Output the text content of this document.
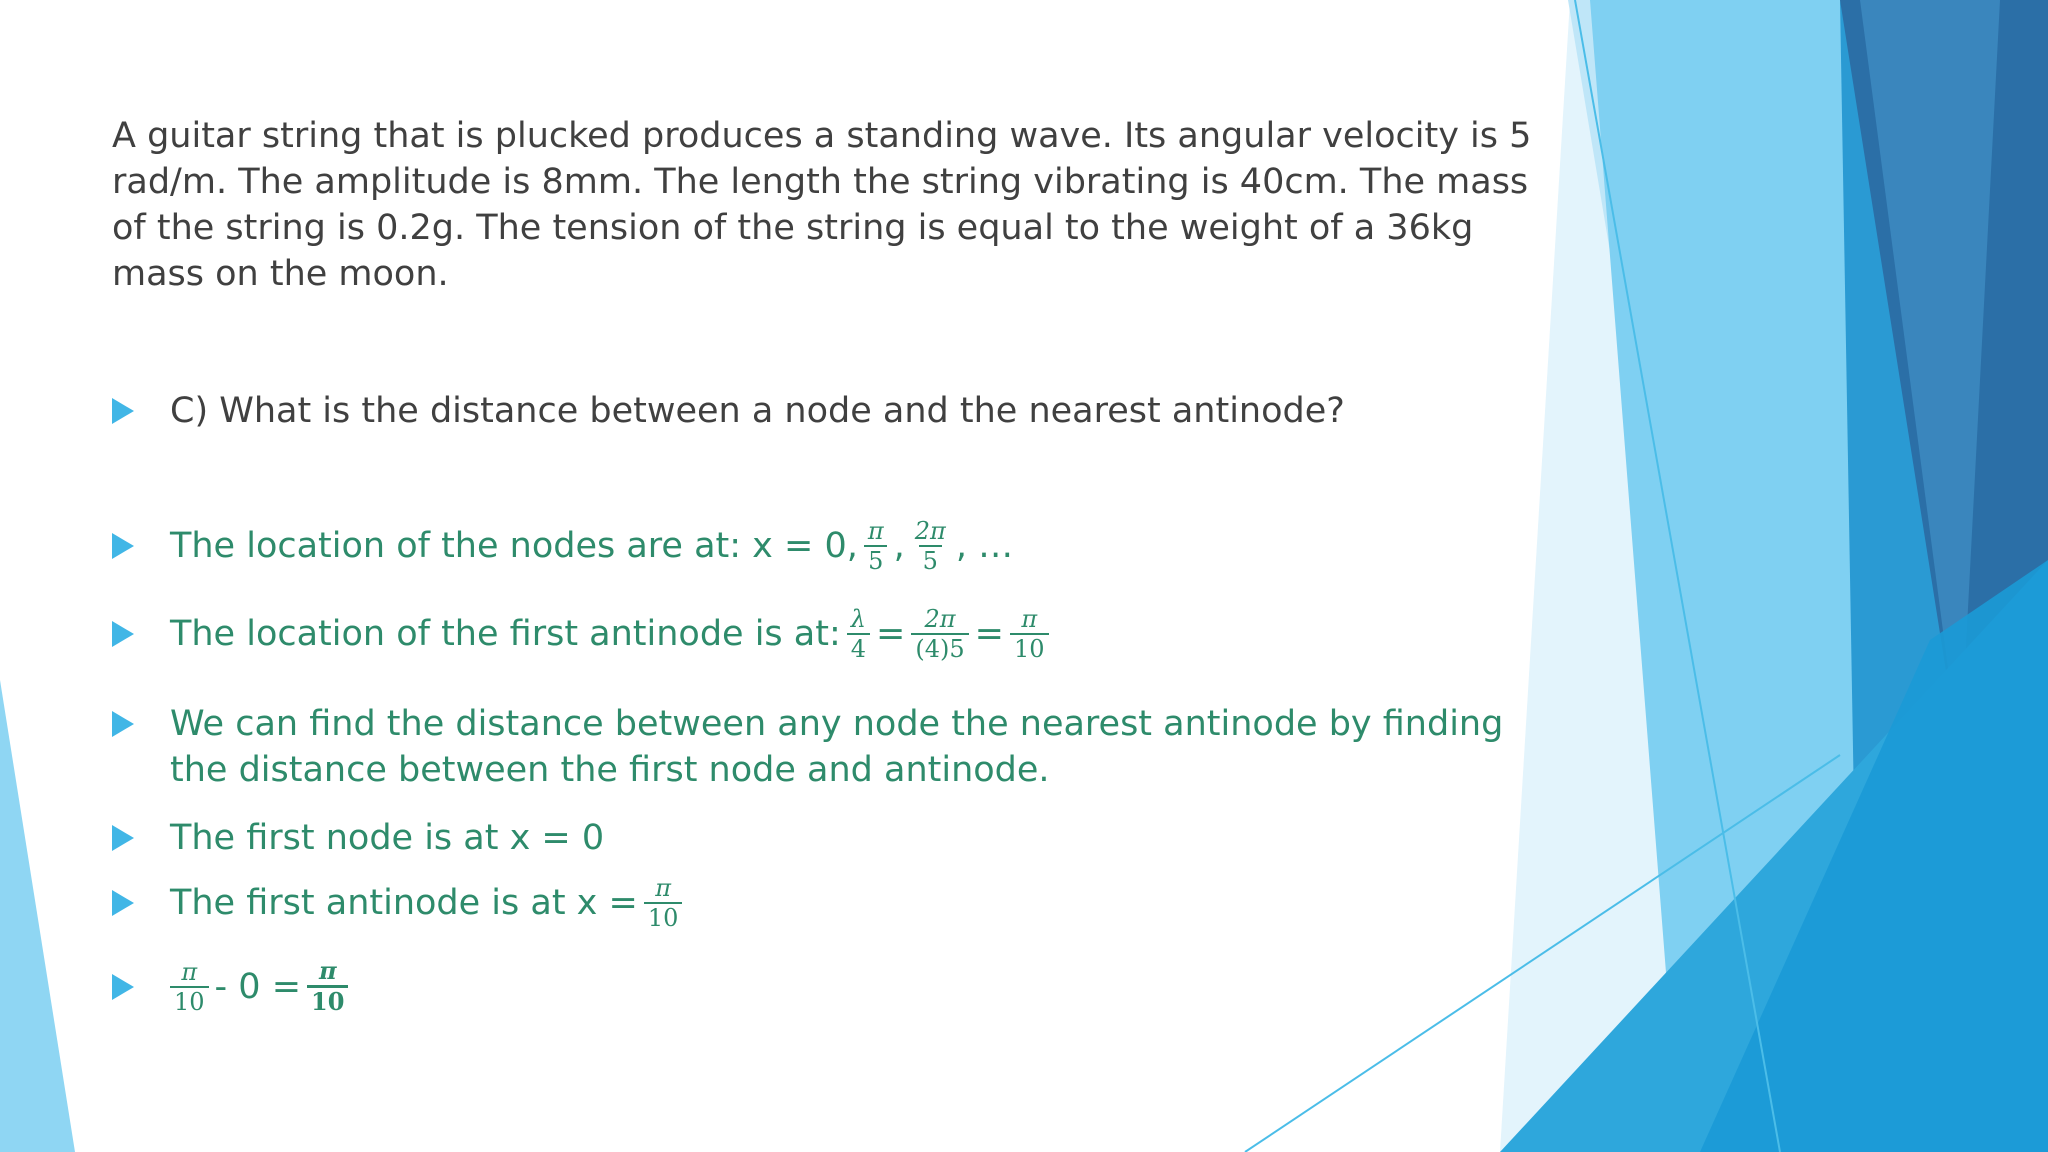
A guitar string that is plucked produces a standing wave. Its angular velocity is 5 rad/m. The amplitude is 8mm. The length the string vibrating is 40cm. The mass of the string is 0.2g. The tension of the string is equal to the weight of a 36kg mass on the moon.

C) What is the distance between a node and the nearest antinode?
The location of the nodes are at: x = 0, $\frac{\pi}{5}$ , $\frac{2\pi}{5}$ , …
The location of the first antinode is at: $\frac{\lambda}{4} = \frac{2\pi}{(4)5} = \frac{\pi}{10}$
We can find the distance between any node the nearest antinode by finding the distance between the first node and antinode.
The first node is at x = 0
The first antinode is at $x = \frac{\pi}{10}$
$\frac{\pi}{10} - 0 = \frac{\pi}{10}$
